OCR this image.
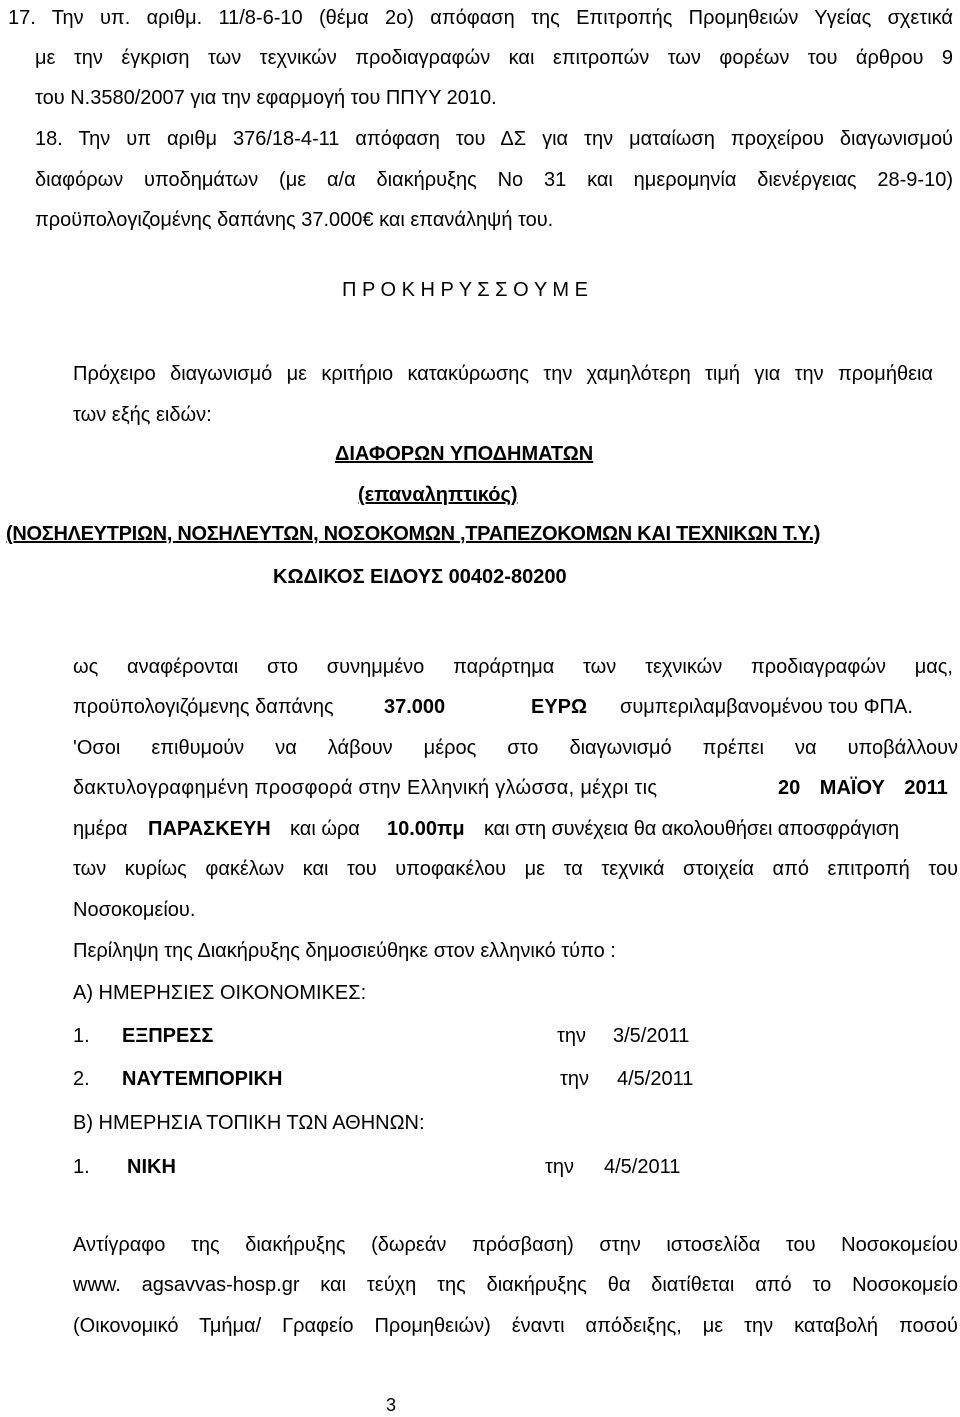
17. Την υπ. αριθμ. 11/8-6-10 (θέμα 2ο) απόφαση της Επιτροπής Προμηθειών Υγείας σχετικά
με την έγκριση των τεχνικών προδιαγραφών και επιτροπών των φορέων του άρθρου 9
του Ν.3580/2007 για την εφαρμογή του ΠΠΥΥ 2010.
18. Την υπ αριθμ 376/18-4-11 απόφαση του ΔΣ για την ματαίωση προχείρου διαγωνισμού
διαφόρων υποδημάτων (με α/α διακήρυξης Νο 31 και ημερομηνία διενέργειας 28-9-10)
προϋπολογιζομένης δαπάνης 37.000€ και επανάληψή του.
Π Ρ Ο Κ Η Ρ Υ Σ Σ Ο Υ Μ Ε
Πρόχειρο διαγωνισμό με κριτήριο κατακύρωσης την χαμηλότερη τιμή για την προμήθεια
των εξής ειδών:
ΔΙΑΦΟΡΩΝ ΥΠΟΔΗΜΑΤΩΝ
(επαναληπτικός)
(ΝΟΣΗΛΕΥΤΡΙΩΝ, ΝΟΣΗΛΕΥΤΩΝ, ΝΟΣΟΚΟΜΩΝ ,ΤΡΑΠΕΖΟΚΟΜΩΝ ΚΑΙ ΤΕΧΝΙΚΩΝ Τ.Υ.)
ΚΩΔΙΚΟΣ ΕΙΔΟΥΣ 00402-80200
ως αναφέρονται στο συνημμένο παράρτημα των τεχνικών προδιαγραφών μας,
προϋπολογιζόμενης δαπάνης	37.000	ΕΥΡΩ συμπεριλαμβανομένου του ΦΠΑ.
'Οσοι επιθυμούν να λάβουν μέρος στο διαγωνισμό πρέπει να υποβάλλουν
δακτυλογραφημένη προσφορά στην Ελληνική γλώσσα, μέχρι τις	20 ΜΑΪΟΥ 2011
ημέρα ΠΑΡΑΣΚΕΥΗ και ώρα 10.00πμ και στη συνέχεια θα ακολουθήσει αποσφράγιση
των κυρίως φακέλων και του υποφακέλου με τα τεχνικά στοιχεία από επιτροπή του
Νοσοκομείου.
Περίληψη της Διακήρυξης δημοσιεύθηκε στον ελληνικό τύπο :
Α) ΗΜΕΡΗΣΙΕΣ ΟΙΚΟΝΟΜΙΚΕΣ:
1. ΕΞΠΡΕΣΣ	την 3/5/2011
2. ΝΑΥΤΕΜΠΟΡΙΚΗ	την 4/5/2011
Β) ΗΜΕΡΗΣΙΑ ΤΟΠΙΚΗ ΤΩΝ ΑΘΗΝΩΝ:
1. ΝΙΚΗ	την 4/5/2011
Αντίγραφο της διακήρυξης (δωρεάν πρόσβαση) στην ιστοσελίδα του Νοσοκομείου
www. agsavvas-hosp.gr και τεύχη της διακήρυξης θα διατίθεται από το Νοσοκομείο
(Οικονομικό Τμήμα/ Γραφείο Προμηθειών) έναντι απόδειξης, με την καταβολή ποσού
3
